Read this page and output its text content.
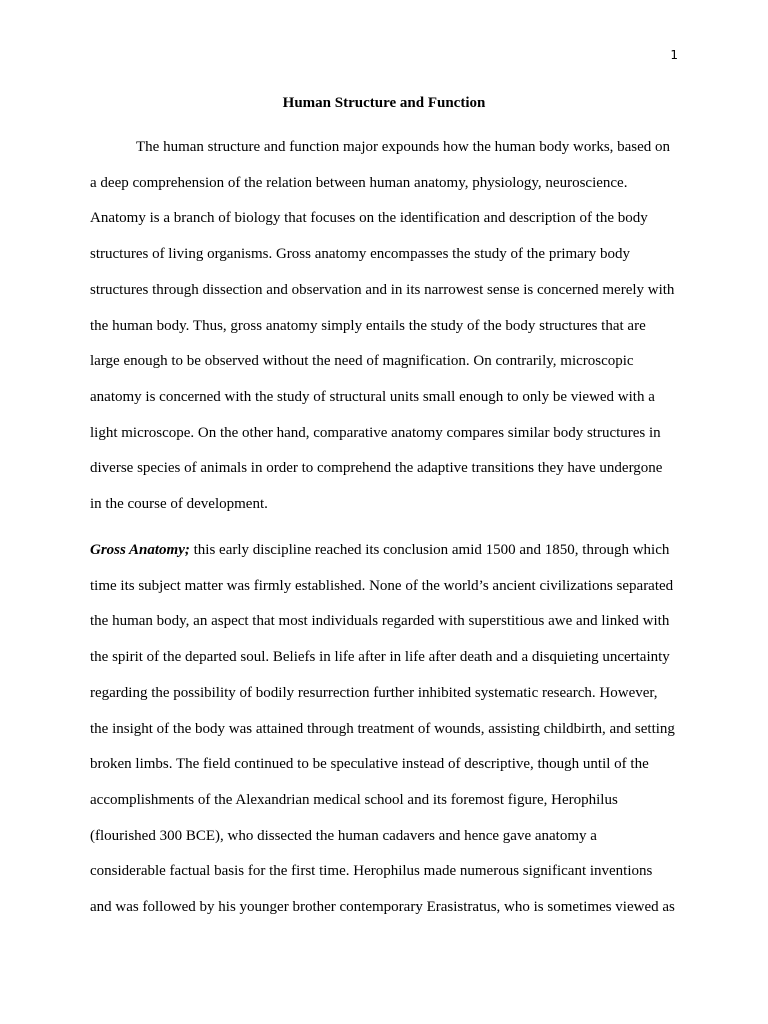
1
Human Structure and Function

The human structure and function major expounds how the human body works, based on
a deep comprehension of the relation between human anatomy, physiology, neuroscience.
Anatomy is a branch of biology that focuses on the identification and description of the body
structures of living organisms. Gross anatomy encompasses the study of the primary body
structures through dissection and observation and in its narrowest sense is concerned merely with
the human body. Thus, gross anatomy simply entails the study of the body structures that are
large enough to be observed without the need of magnification. On contrarily, microscopic
anatomy is concerned with the study of structural units small enough to only be viewed with a
light microscope. On the other hand, comparative anatomy compares similar body structures in
diverse species of animals in order to comprehend the adaptive transitions they have undergone
in the course of development.

Gross Anatomy; this early discipline reached its conclusion amid 1500 and 1850, through which
time its subject matter was firmly established. None of the world’s ancient civilizations separated
the human body, an aspect that most individuals regarded with superstitious awe and linked with
the spirit of the departed soul. Beliefs in life after in life after death and a disquieting uncertainty
regarding the possibility of bodily resurrection further inhibited systematic research. However,
the insight of the body was attained through treatment of wounds, assisting childbirth, and setting
broken limbs. The field continued to be speculative instead of descriptive, though until of the
accomplishments of the Alexandrian medical school and its foremost figure, Herophilus
(flourished 300 BCE), who dissected the human cadavers and hence gave anatomy a
considerable factual basis for the first time. Herophilus made numerous significant inventions
and was followed by his younger brother contemporary Erasistratus, who is sometimes viewed as
